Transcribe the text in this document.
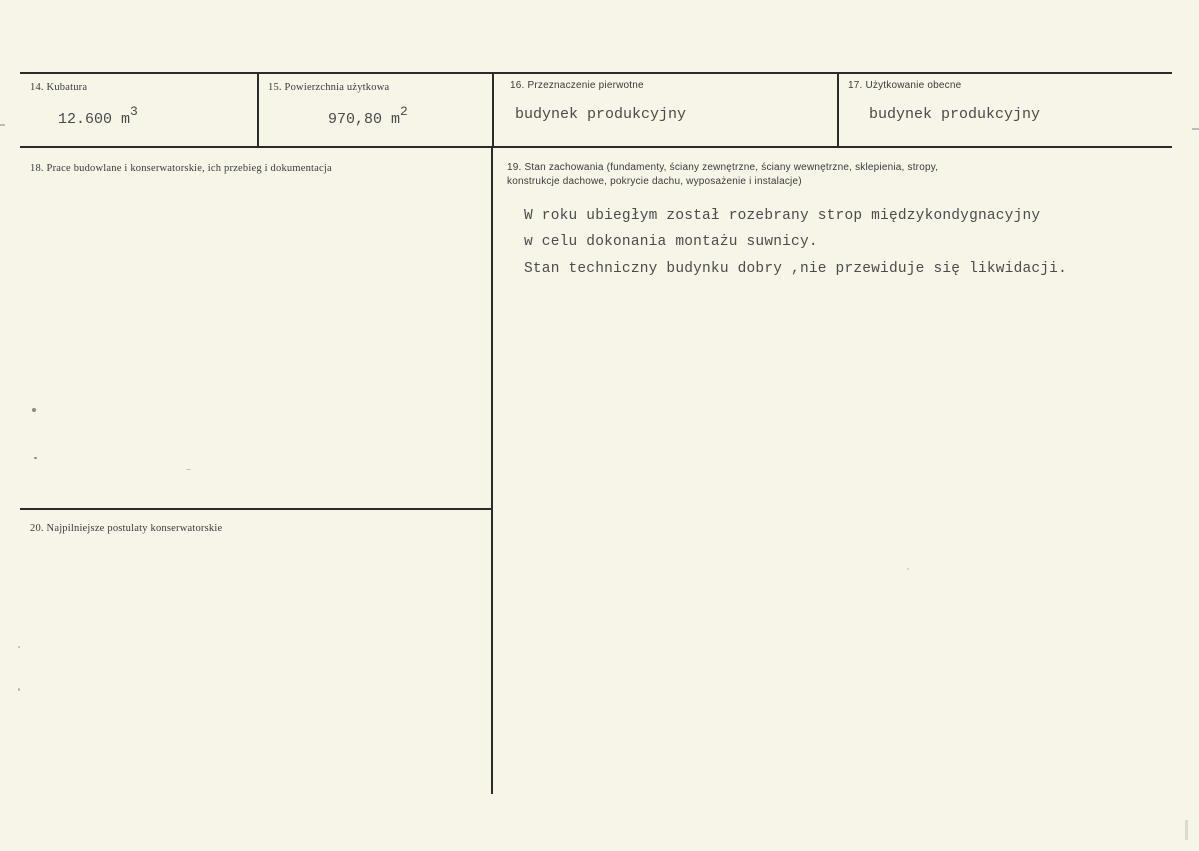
14. Kubatura
12.600 $m^3$
15. Powierzchnia użytkowa
970,80 $m^2$
16. Przeznaczenie pierwotne
budynek produkcyjny
17. Użytkowanie obecne
budynek produkcyjny
18. Prace budowlane i konserwatorskie, ich przebieg i dokumentacja	19. Stan zachowania (fundamenty, ściany zewnętrzne, ściany wewnętrzne, sklepienia, stropy,
konstrukcje dachowe, pokrycie dachu, wyposażenie i instalacje)
W roku ubiegłym został rozebrany strop międzykondygnacyjny
w celu dokonania montażu suwnicy.
Stan techniczny budynku dobry ,nie przewiduje się likwidacji.
20. Najpilniejsze postulaty konserwatorskie
